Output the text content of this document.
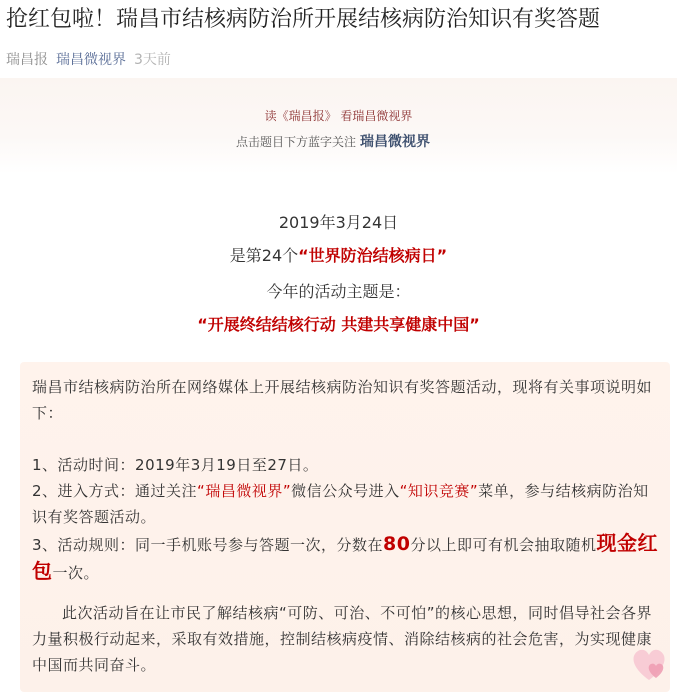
抢红包啦！瑞昌市结核病防治所开展结核病防治知识有奖答题
瑞昌报 瑞昌微视界 3天前
读《瑞昌报》 看瑞昌微视界
点击题目下方蓝字关注 瑞昌微视界
2019年3月24日
是第24个“世界防治结核病日”
今年的活动主题是：
“开展终结结核行动 共建共享健康中国”
瑞昌市结核病防治所在网络媒体上开展结核病防治知识有奖答题活动，现将有关事项说明如下：
1、活动时间：2019年3月19日至27日。
2、进入方式：通过关注“瑞昌微视界”微信公众号进入“知识竞赛”菜单，参与结核病防治知识有奖答题活动。
3、活动规则：同一手机账号参与答题一次，分数在80分以上即可有机会抽取随机现金红包一次。
此次活动旨在让市民了解结核病“可防、可治、不可怕”的核心思想，同时倡导社会各界力量积极行动起来，采取有效措施，控制结核病疫情、消除结核病的社会危害，为实现健康中国而共同奋斗。
